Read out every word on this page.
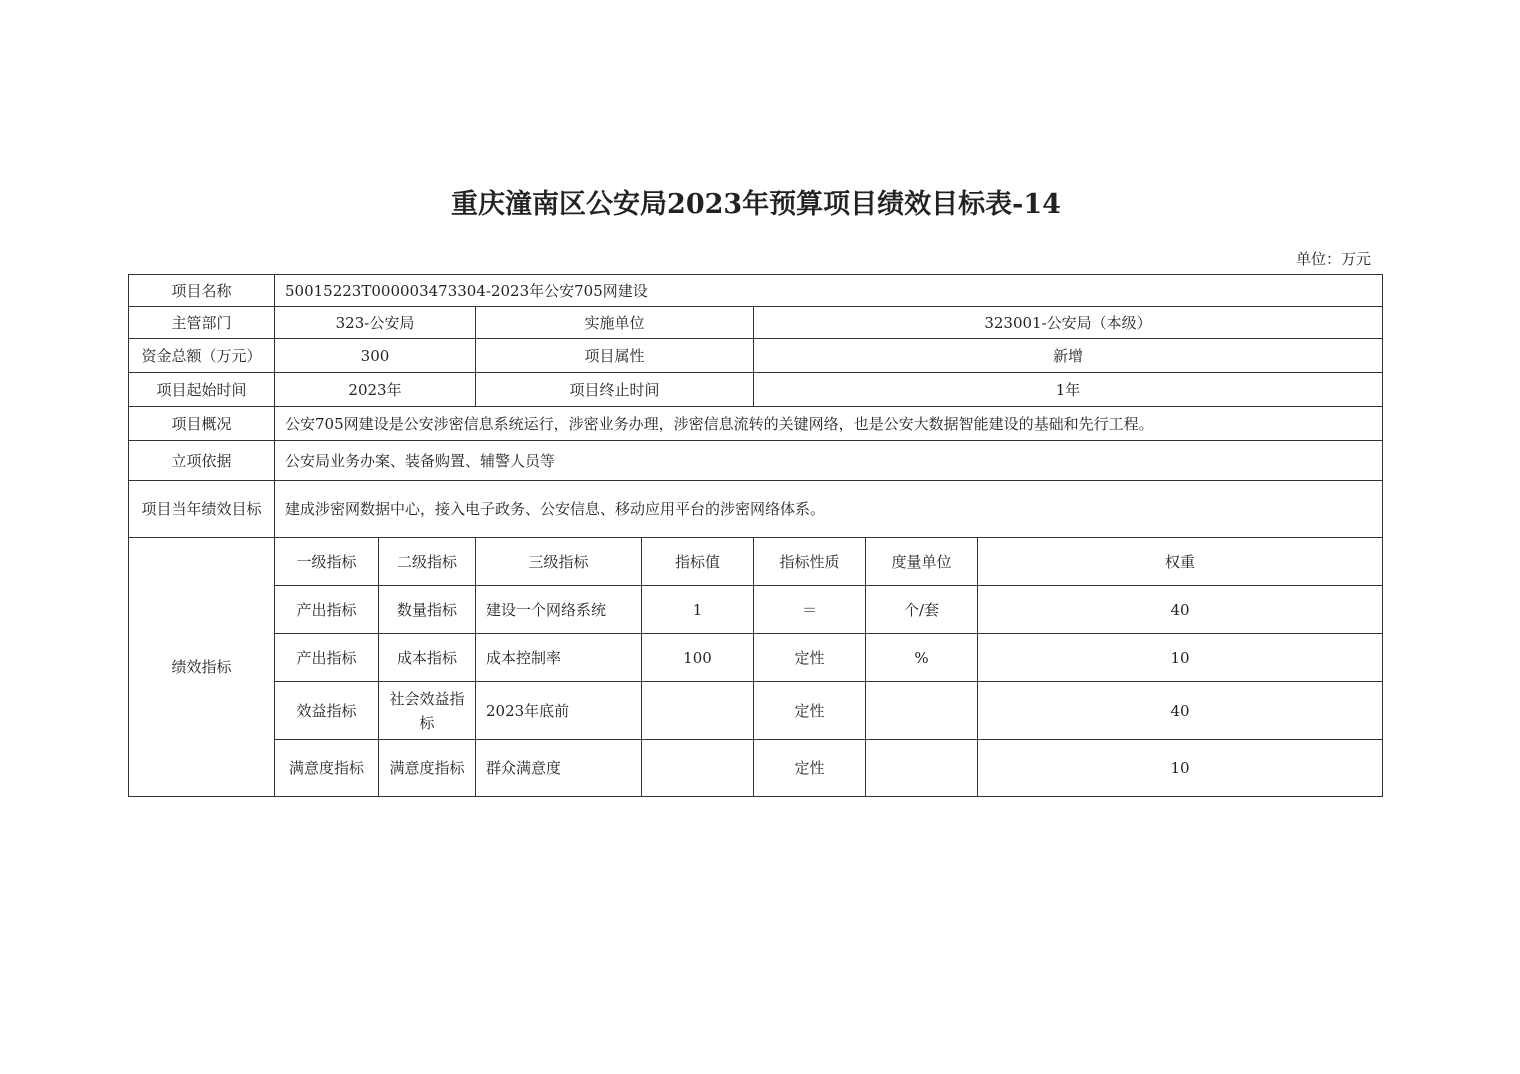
重庆潼南区公安局2023年预算项目绩效目标表-14
单位：万元
项目名称	50015223T000003473304-2023年公安705网建设						
主管部门	323-公安局		实施单位		323001-公安局（本级）		
资金总额（万元）	300		项目属性		新增		
项目起始时间	2023年		项目终止时间		1年		
项目概况	公安705网建设是公安涉密信息系统运行，涉密业务办理，涉密信息流转的关键网络，也是公安大数据智能建设的基础和先行工程。						
立项依据	公安局业务办案、装备购置、辅警人员等						
项目当年绩效目标	建成涉密网数据中心，接入电子政务、公安信息、移动应用平台的涉密网络体系。						
绩效指标	一级指标	二级指标	三级指标	指标值	指标性质	度量单位	权重
	产出指标	数量指标	建设一个网络系统	1	＝	个/套	40
	产出指标	成本指标	成本控制率	100	定性	%	10
	效益指标	社会效益指标	2023年底前		定性		40
	满意度指标	满意度指标	群众满意度		定性		10
